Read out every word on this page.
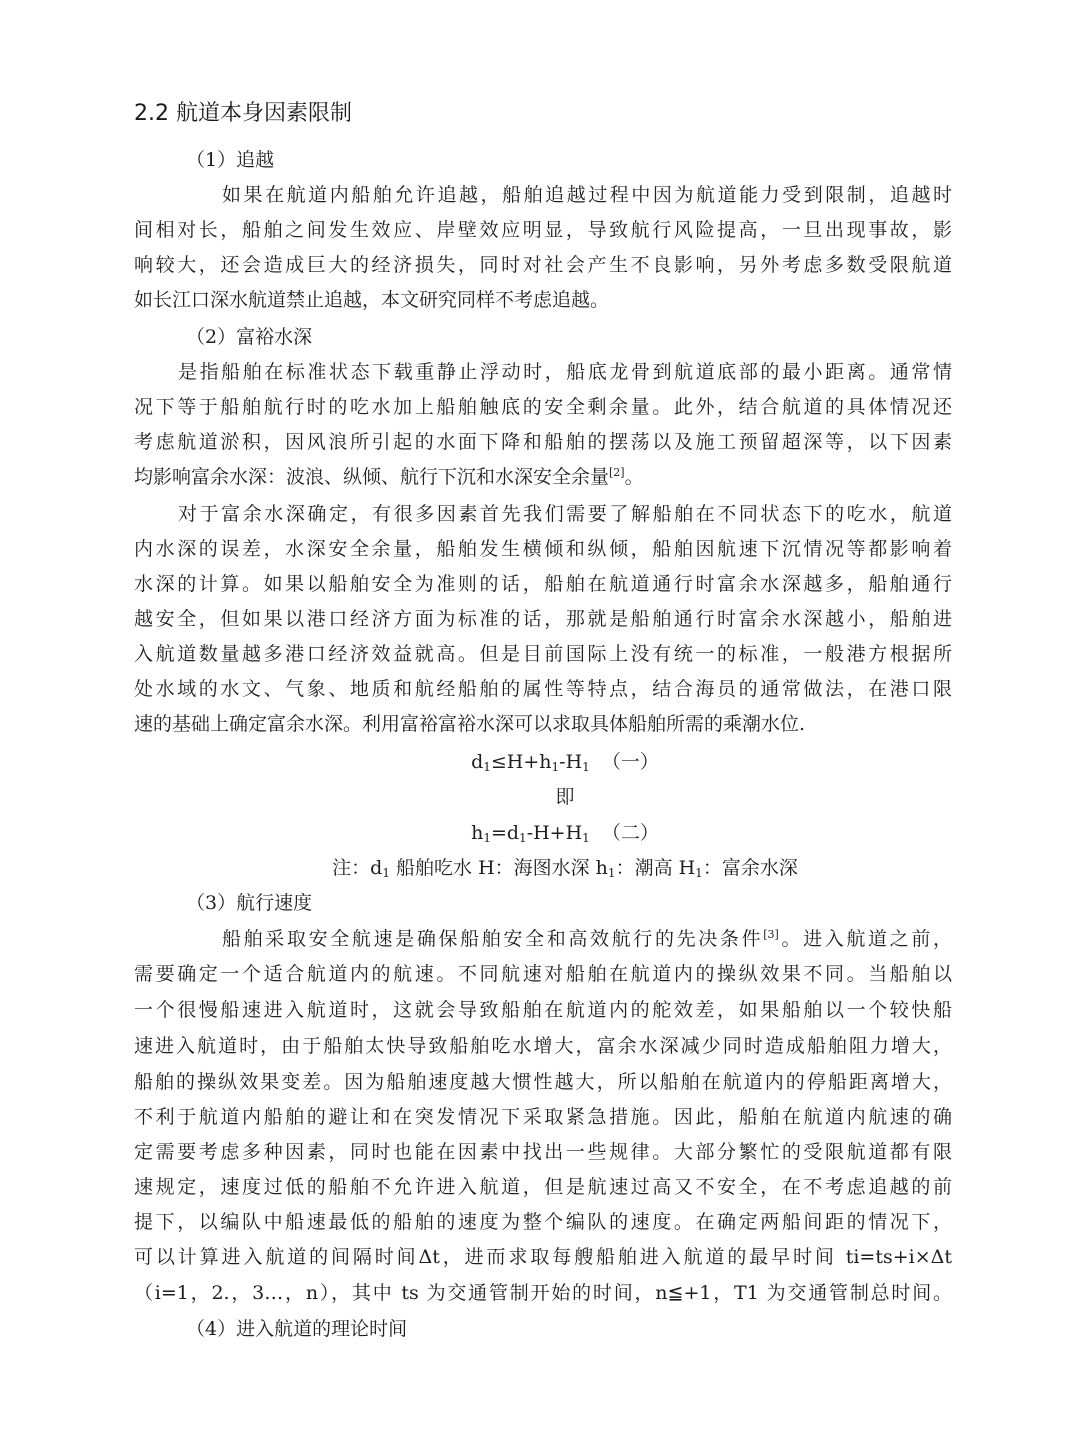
2.2 航道本身因素限制
（1）追越
如果在航道内船舶允许追越，船舶追越过程中因为航道能力受到限制，追越时
间相对长，船舶之间发生效应、岸壁效应明显，导致航行风险提高，一旦出现事故，影
响较大，还会造成巨大的经济损失，同时对社会产生不良影响，另外考虑多数受限航道
如长江口深水航道禁止追越，本文研究同样不考虑追越。
（2）富裕水深
是指船舶在标准状态下载重静止浮动时，船底龙骨到航道底部的最小距离。通常情
况下等于船舶航行时的吃水加上船舶触底的安全剩余量。此外，结合航道的具体情况还
考虑航道淤积，因风浪所引起的水面下降和船舶的摆荡以及施工预留超深等，以下因素
均影响富余水深：波浪、纵倾、航行下沉和水深安全余量[2]。
对于富余水深确定，有很多因素首先我们需要了解船舶在不同状态下的吃水，航道
内水深的误差，水深安全余量，船舶发生横倾和纵倾，船舶因航速下沉情况等都影响着
水深的计算。如果以船舶安全为准则的话，船舶在航道通行时富余水深越多，船舶通行
越安全，但如果以港口经济方面为标准的话，那就是船舶通行时富余水深越小，船舶进
入航道数量越多港口经济效益就高。但是目前国际上没有统一的标准，一般港方根据所
处水域的水文、气象、地质和航经船舶的属性等特点，结合海员的通常做法，在港口限
速的基础上确定富余水深。利用富裕富裕水深可以求取具体船舶所需的乘潮水位.
$d_1\le H+h_1-H_1$ （一）
即
$h_1=d_1-H+H_1$ （二）
注：$d_1$ 船舶吃水 H：海图水深 $h_1$：潮高 $H_1$：富余水深
（3）航行速度
船舶采取安全航速是确保船舶安全和高效航行的先决条件[3]。进入航道之前，
需要确定一个适合航道内的航速。不同航速对船舶在航道内的操纵效果不同。当船舶以
一个很慢船速进入航道时，这就会导致船舶在航道内的舵效差，如果船舶以一个较快船
速进入航道时，由于船舶太快导致船舶吃水增大，富余水深减少同时造成船舶阻力增大，
船舶的操纵效果变差。因为船舶速度越大惯性越大，所以船舶在航道内的停船距离增大，
不利于航道内船舶的避让和在突发情况下采取紧急措施。因此，船舶在航道内航速的确
定需要考虑多种因素，同时也能在因素中找出一些规律。大部分繁忙的受限航道都有限
速规定，速度过低的船舶不允许进入航道，但是航速过高又不安全，在不考虑追越的前
提下，以编队中船速最低的船舶的速度为整个编队的速度。在确定两船间距的情况下，
可以计算进入航道的间隔时间Δt，进而求取每艘船舶进入航道的最早时间 ti=ts+i×Δt
（i=1，2.，3…，n），其中 ts 为交通管制开始的时间，n≦+1，T1 为交通管制总时间。
（4）进入航道的理论时间
